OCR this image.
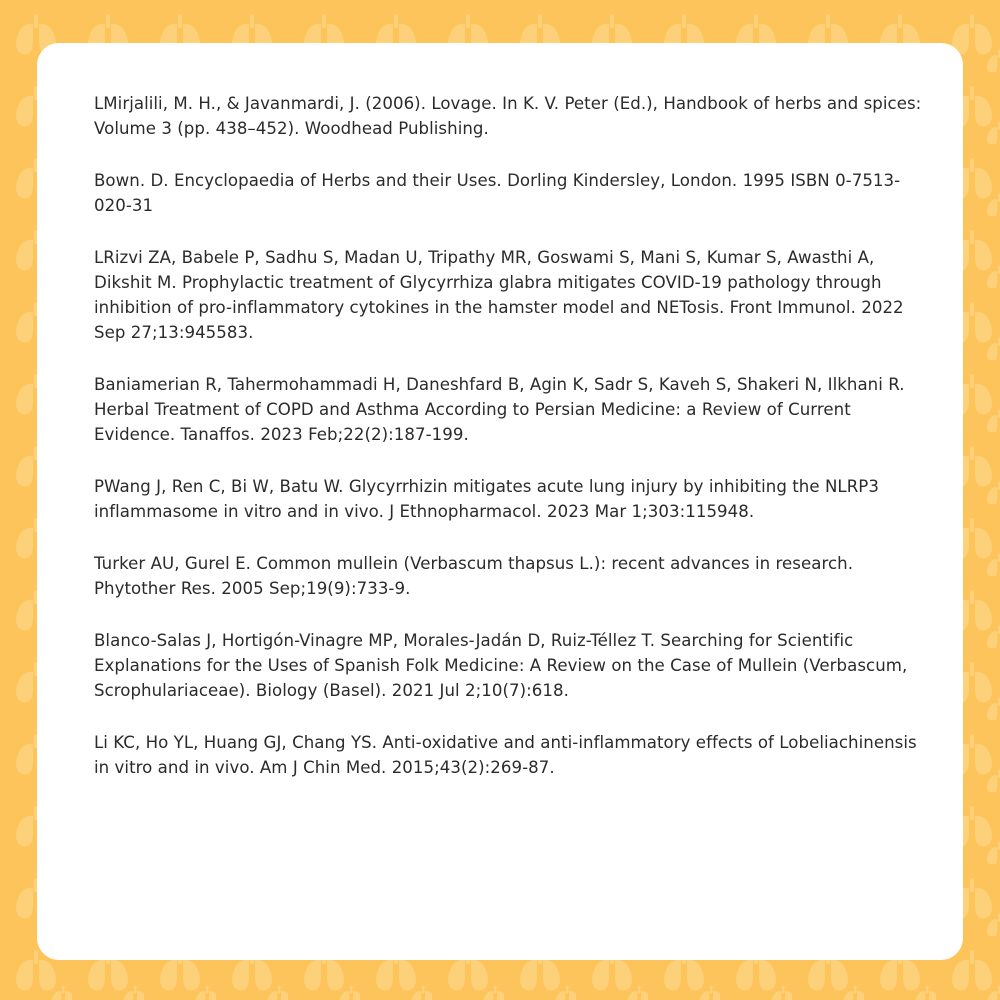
LMirjalili, M. H., & Javanmardi, J. (2006). Lovage. In K. V. Peter (Ed.), Handbook of herbs and spices: Volume 3 (pp. 438–452). Woodhead Publishing.

Bown. D. Encyclopaedia of Herbs and their Uses. Dorling Kindersley, London. 1995 ISBN 0-7513-020-31

LRizvi ZA, Babele P, Sadhu S, Madan U, Tripathy MR, Goswami S, Mani S, Kumar S, Awasthi A, Dikshit M. Prophylactic treatment of Glycyrrhiza glabra mitigates COVID-19 pathology through inhibition of pro-inflammatory cytokines in the hamster model and NETosis. Front Immunol. 2022 Sep 27;13:945583.

Baniamerian R, Tahermohammadi H, Daneshfard B, Agin K, Sadr S, Kaveh S, Shakeri N, Ilkhani R. Herbal Treatment of COPD and Asthma According to Persian Medicine: a Review of Current Evidence. Tanaffos. 2023 Feb;22(2):187-199.

PWang J, Ren C, Bi W, Batu W. Glycyrrhizin mitigates acute lung injury by inhibiting the NLRP3 inflammasome in vitro and in vivo. J Ethnopharmacol. 2023 Mar 1;303:115948.

Turker AU, Gurel E. Common mullein (Verbascum thapsus L.): recent advances in research. Phytother Res. 2005 Sep;19(9):733-9.

Blanco-Salas J, Hortigón-Vinagre MP, Morales-Jadán D, Ruiz-Téllez T. Searching for Scientific Explanations for the Uses of Spanish Folk Medicine: A Review on the Case of Mullein (Verbascum, Scrophulariaceae). Biology (Basel). 2021 Jul 2;10(7):618.

Li KC, Ho YL, Huang GJ, Chang YS. Anti-oxidative and anti-inflammatory effects of Lobeliachinensis in vitro and in vivo. Am J Chin Med. 2015;43(2):269-87.
